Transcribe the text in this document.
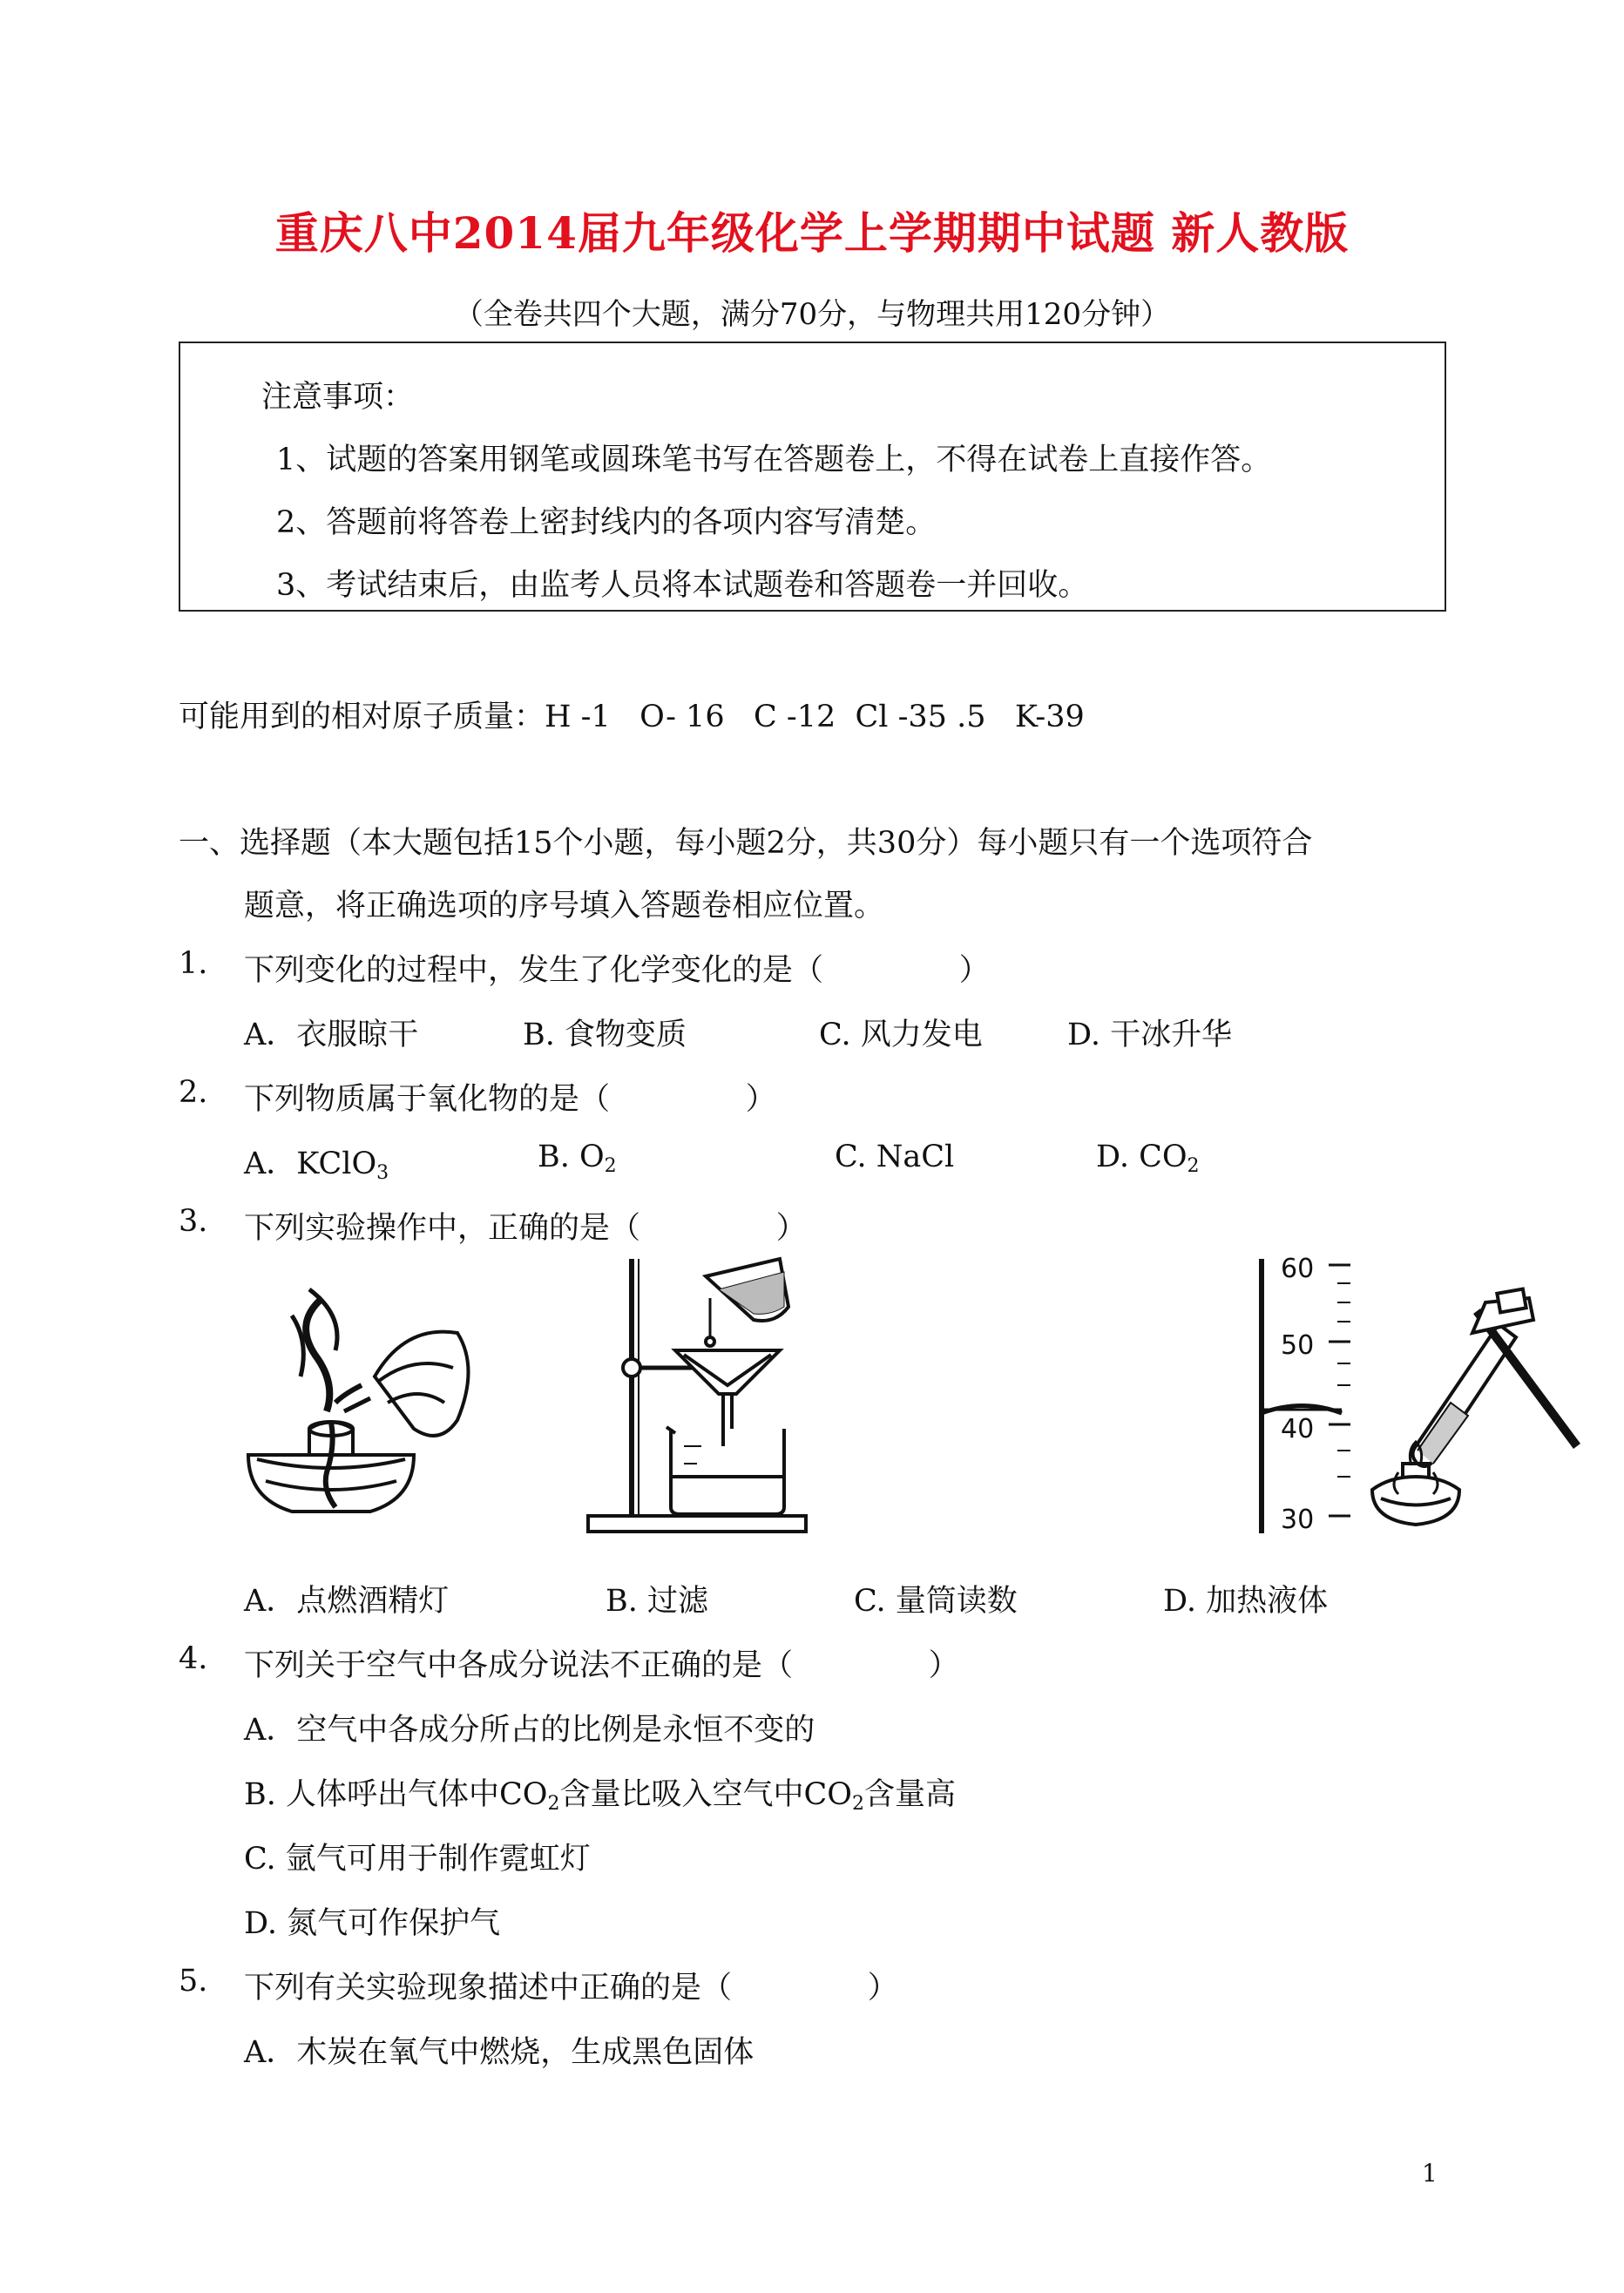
重庆八中2014届九年级化学上学期期中试题 新人教版
（全卷共四个大题，满分70分，与物理共用120分钟）
注意事项：
1、试题的答案用钢笔或圆珠笔书写在答题卷上，不得在试卷上直接作答。
2、答题前将答卷上密封线内的各项内容写清楚。
3、考试结束后，由监考人员将本试题卷和答题卷一并回收。
可能用到的相对原子质量：H -1   O- 16   C -12  Cl -35 .5   K-39
一、选择题（本大题包括15个小题，每小题2分，共30分）每小题只有一个选项符合
题意，将正确选项的序号填入答题卷相应位置。
1. 下列变化的过程中，发生了化学变化的是（              ）
A．衣服晾干	B. 食物变质	C. 风力发电	D. 干冰升华
2. 下列物质属于氧化物的是（              ）
A．KClO$_3$	B. $O_2$	C. NaCl	D. $CO_2$
3. 下列实验操作中，正确的是（              ）
60
50
40
30
A．点燃酒精灯	B. 过滤	C. 量筒读数	D. 加热液体
4. 下列关于空气中各成分说法不正确的是（              ）
A．空气中各成分所占的比例是永恒不变的
B. 人体呼出气体中$CO_2$含量比吸入空气中$CO_2$含量高
C. 氩气可用于制作霓虹灯
D. 氮气可作保护气
5. 下列有关实验现象描述中正确的是（              ）
A．木炭在氧气中燃烧，生成黑色固体
1
